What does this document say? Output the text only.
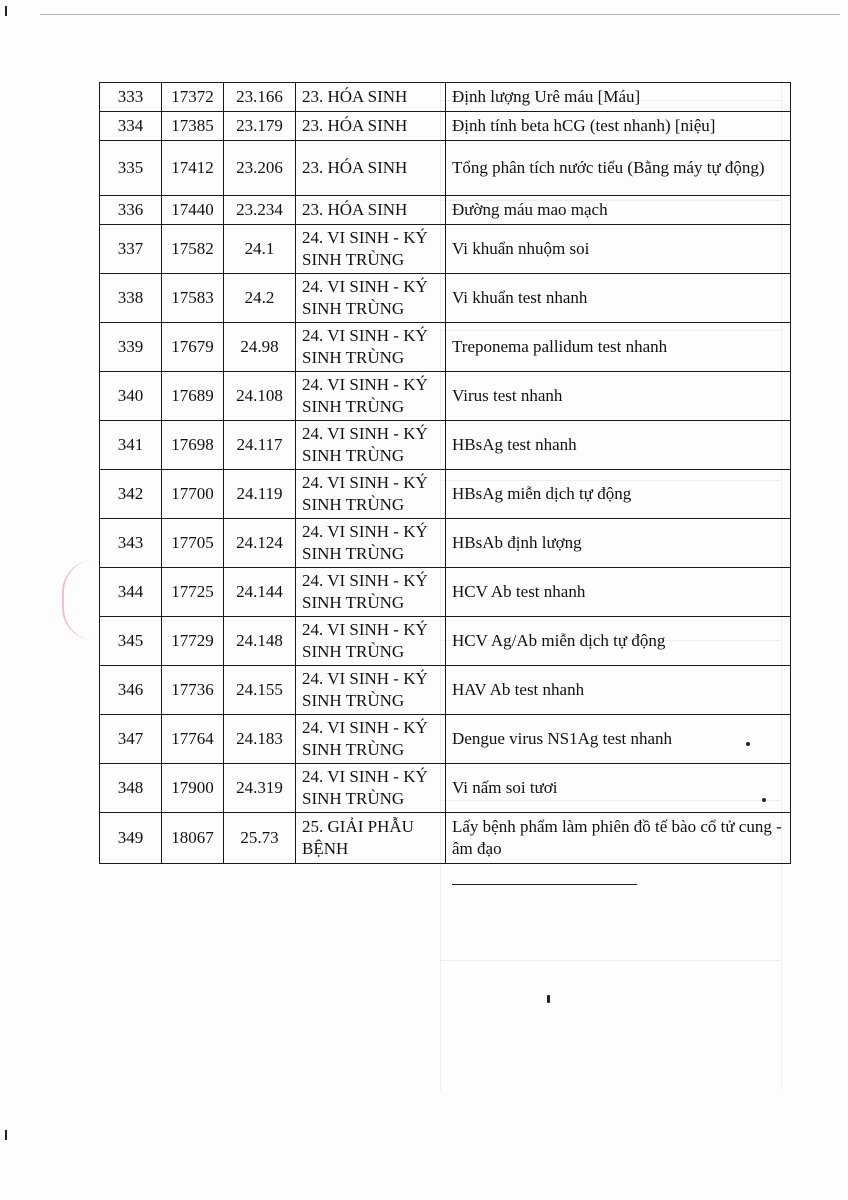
333	17372	23.166	23. HÓA SINH	Định lượng Urê máu [Máu]
334	17385	23.179	23. HÓA SINH	Định tính beta hCG (test nhanh) [niệu]
335	17412	23.206	23. HÓA SINH	Tổng phân tích nước tiểu (Bằng máy tự động)
336	17440	23.234	23. HÓA SINH	Đường máu mao mạch
337	17582	24.1	24. VI SINH - KÝ SINH TRÙNG	Vi khuẩn nhuộm soi
338	17583	24.2	24. VI SINH - KÝ SINH TRÙNG	Vi khuẩn test nhanh
339	17679	24.98	24. VI SINH - KÝ SINH TRÙNG	Treponema pallidum test nhanh
340	17689	24.108	24. VI SINH - KÝ SINH TRÙNG	Virus test nhanh
341	17698	24.117	24. VI SINH - KÝ SINH TRÙNG	HBsAg test nhanh
342	17700	24.119	24. VI SINH - KÝ SINH TRÙNG	HBsAg miễn dịch tự động
343	17705	24.124	24. VI SINH - KÝ SINH TRÙNG	HBsAb định lượng
344	17725	24.144	24. VI SINH - KÝ SINH TRÙNG	HCV Ab test nhanh
345	17729	24.148	24. VI SINH - KÝ SINH TRÙNG	HCV Ag/Ab miễn dịch tự động
346	17736	24.155	24. VI SINH - KÝ SINH TRÙNG	HAV Ab test nhanh
347	17764	24.183	24. VI SINH - KÝ SINH TRÙNG	Dengue virus NS1Ag test nhanh
348	17900	24.319	24. VI SINH - KÝ SINH TRÙNG	Vi nấm soi tươi
349	18067	25.73	25. GIẢI PHẪU BỆNH	Lấy bệnh phẩm làm phiên đồ tế bào cổ tử cung - âm đạo
